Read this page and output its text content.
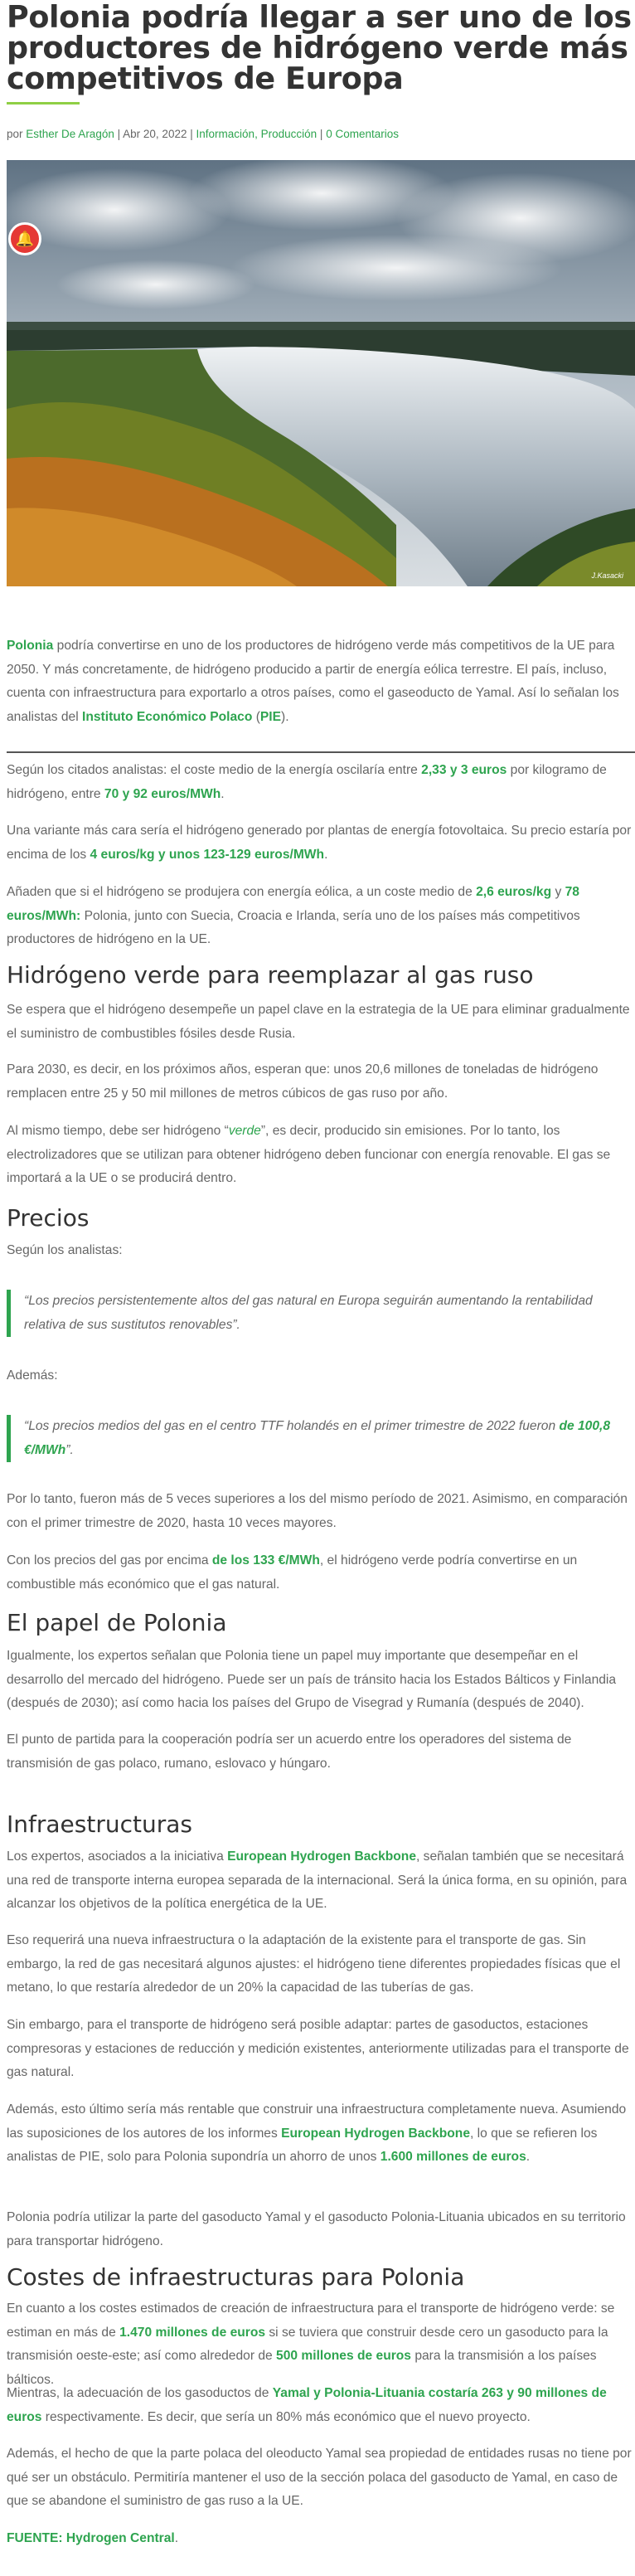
Polonia podría llegar a ser uno de los productores de hidrógeno verde más competitivos de Europa
por Esther De Aragón | Abr 20, 2022 | Información, Producción | 0 Comentarios
🔔
J.Kasacki

Polonia podría convertirse en uno de los productores de hidrógeno verde más competitivos de la UE para 2050. Y más concretamente, de hidrógeno producido a partir de energía eólica terrestre. El país, incluso, cuenta con infraestructura para exportarlo a otros países, como el gaseoducto de Yamal. Así lo señalan los analistas del Instituto Económico Polaco (PIE).

Según los citados analistas: el coste medio de la energía oscilaría entre 2,33 y 3 euros por kilogramo de hidrógeno, entre 70 y 92 euros/MWh.

Una variante más cara sería el hidrógeno generado por plantas de energía fotovoltaica. Su precio estaría por encima de los 4 euros/kg y unos 123-129 euros/MWh.

Añaden que si el hidrógeno se produjera con energía eólica, a un coste medio de 2,6 euros/kg y 78 euros/MWh: Polonia, junto con Suecia, Croacia e Irlanda, sería uno de los países más competitivos productores de hidrógeno en la UE.

Hidrógeno verde para reemplazar al gas ruso

Se espera que el hidrógeno desempeñe un papel clave en la estrategia de la UE para eliminar gradualmente el suministro de combustibles fósiles desde Rusia.

Para 2030, es decir, en los próximos años, esperan que: unos 20,6 millones de toneladas de hidrógeno remplacen entre 25 y 50 mil millones de metros cúbicos de gas ruso por año.

Al mismo tiempo, debe ser hidrógeno “verde”, es decir, producido sin emisiones. Por lo tanto, los electrolizadores que se utilizan para obtener hidrógeno deben funcionar con energía renovable. El gas se importará a la UE o se producirá dentro.

Precios

Según los analistas:

“Los precios persistentemente altos del gas natural en Europa seguirán aumentando la rentabilidad relativa de sus sustitutos renovables”.

Además:

“Los precios medios del gas en el centro TTF holandés en el primer trimestre de 2022 fueron de 100,8 €/MWh”.

Por lo tanto, fueron más de 5 veces superiores a los del mismo período de 2021. Asimismo, en comparación con el primer trimestre de 2020, hasta 10 veces mayores.

Con los precios del gas por encima de los 133 €/MWh, el hidrógeno verde podría convertirse en un combustible más económico que el gas natural.

El papel de Polonia

Igualmente, los expertos señalan que Polonia tiene un papel muy importante que desempeñar en el desarrollo del mercado del hidrógeno. Puede ser un país de tránsito hacia los Estados Bálticos y Finlandia (después de 2030); así como hacia los países del Grupo de Visegrad y Rumanía (después de 2040).

El punto de partida para la cooperación podría ser un acuerdo entre los operadores del sistema de transmisión de gas polaco, rumano, eslovaco y húngaro.

Infraestructuras

Los expertos, asociados a la iniciativa European Hydrogen Backbone, señalan también que se necesitará una red de transporte interna europea separada de la internacional. Será la única forma, en su opinión, para alcanzar los objetivos de la política energética de la UE.

Eso requerirá una nueva infraestructura o la adaptación de la existente para el transporte de gas. Sin embargo, la red de gas necesitará algunos ajustes: el hidrógeno tiene diferentes propiedades físicas que el metano, lo que restaría alrededor de un 20% la capacidad de las tuberías de gas.

Sin embargo, para el transporte de hidrógeno será posible adaptar: partes de gasoductos, estaciones compresoras y estaciones de reducción y medición existentes, anteriormente utilizadas para el transporte de gas natural.

Además, esto último sería más rentable que construir una infraestructura completamente nueva. Asumiendo las suposiciones de los autores de los informes European Hydrogen Backbone, lo que se refieren los analistas de PIE, solo para Polonia supondría un ahorro de unos 1.600 millones de euros.

Polonia podría utilizar la parte del gasoducto Yamal y el gasoducto Polonia-Lituania ubicados en su territorio para transportar hidrógeno.

Costes de infraestructuras para Polonia

En cuanto a los costes estimados de creación de infraestructura para el transporte de hidrógeno verde: se estiman en más de 1.470 millones de euros si se tuviera que construir desde cero un gasoducto para la transmisión oeste-este; así como alrededor de 500 millones de euros para la transmisión a los países bálticos.

Mientras, la adecuación de los gasoductos de Yamal y Polonia-Lituania costaría 263 y 90 millones de euros respectivamente. Es decir, que sería un 80% más económico que el nuevo proyecto.

Además, el hecho de que la parte polaca del oleoducto Yamal sea propiedad de entidades rusas no tiene por qué ser un obstáculo. Permitiría mantener el uso de la sección polaca del gasoducto de Yamal, en caso de que se abandone el suministro de gas ruso a la UE.

FUENTE: Hydrogen Central.
